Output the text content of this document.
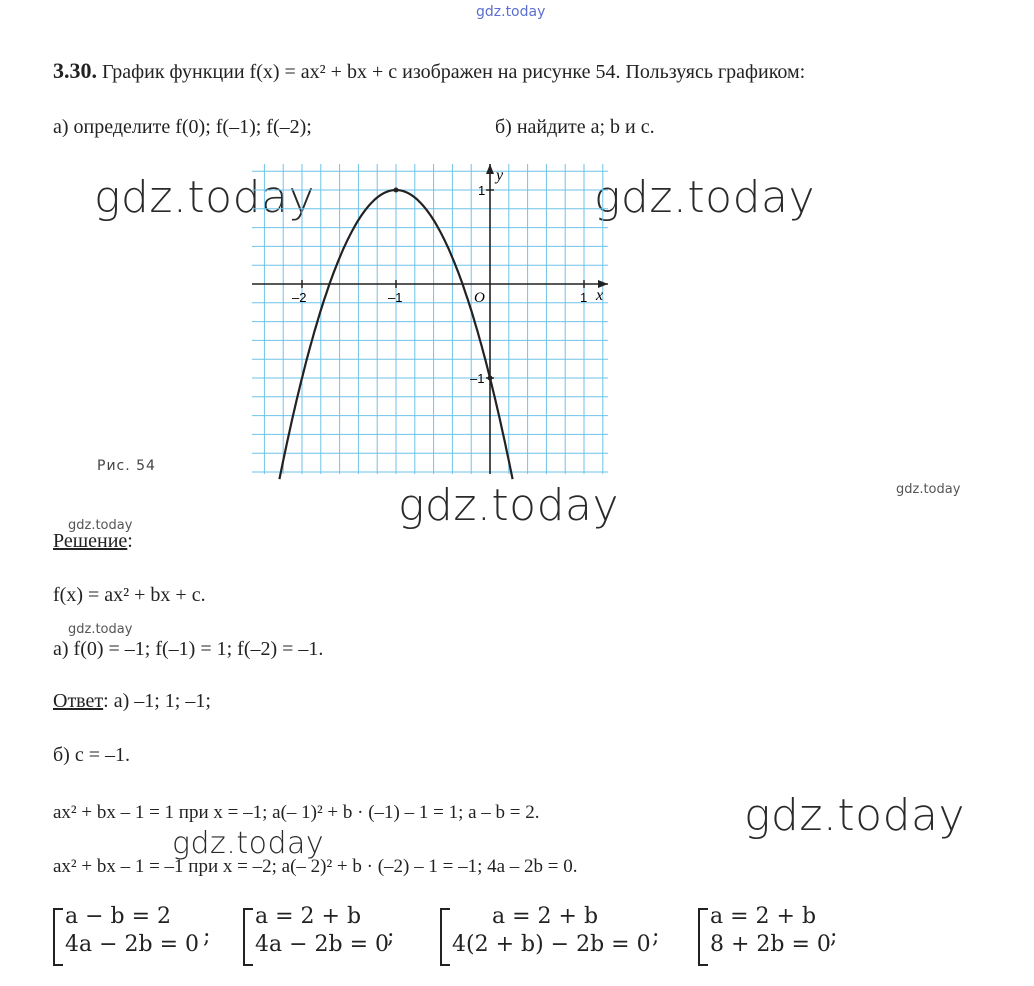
gdz.today
gdz.today	gdz.today
gdz.today	gdz.today
gdz.today
gdz.today
gdz.today
gdz.today
3.30. График функции f(x) = ax² + bx + c изображен на рисунке 54. Пользуясь графиком:
а) определите f(0); f(–1); f(–2);	б) найдите a; b и c.
x
y
O
–2	–1	1
1
–1
Рис. 54
Решение:
f(x) = ax² + bx + c.
а) f(0) = –1; f(–1) = 1; f(–2) = –1.
Ответ: а) –1; 1; –1;
б) c = –1.
ax² + bx – 1 = 1 при x = –1; a(– 1)² + b · (–1) – 1 = 1; a – b = 2.
ax² + bx – 1 = –1 при x = –2; a(– 2)² + b · (–2) – 1 = –1; 4a – 2b = 0.
a − b = 2
4a − 2b = 0 ;
a = 2 + b
4a − 2b = 0
;
a = 2 + b
4(2 + b) − 2b = 0 ;
a = 2 + b
8 + 2b = 0 ;
